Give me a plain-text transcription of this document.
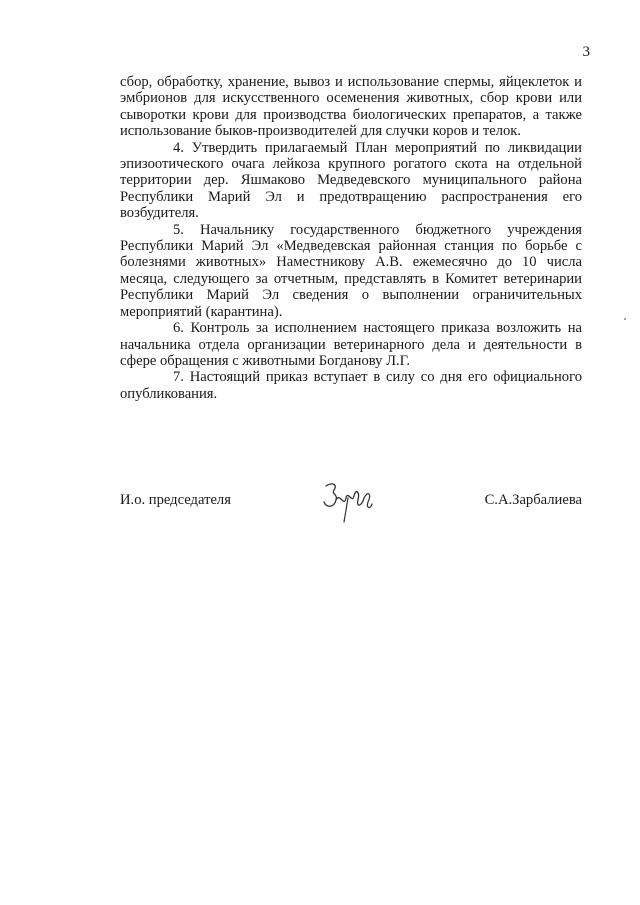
3

сбор, обработку, хранение, вывоз и использование спермы, яйцеклеток и эмбрионов для искусственного осеменения животных, сбор крови или сыворотки крови для производства биологических препаратов, а также использование быков-производителей для случки коров и телок.

4. Утвердить прилагаемый План мероприятий по ликвидации эпизоотического очага лейкоза крупного рогатого скота на отдельной территории дер. Яшмаково Медведевского муниципального района Республики Марий Эл и предотвращению распространения его возбудителя.

5. Начальнику государственного бюджетного учреждения Республики Марий Эл «Медведевская районная станция по борьбе с болезнями животных» Наместникову А.В. ежемесячно до 10 числа месяца, следующего за отчетным, представлять в Комитет ветеринарии Республики Марий Эл сведения о выполнении ограничительных мероприятий (карантина).

6. Контроль за исполнением настоящего приказа возложить на начальника отдела организации ветеринарного дела и деятельности в сфере обращения с животными Богданову Л.Г.

7. Настоящий приказ вступает в силу со дня его официального опубликования.

И.о. председателя	С.А.Зарбалиева
